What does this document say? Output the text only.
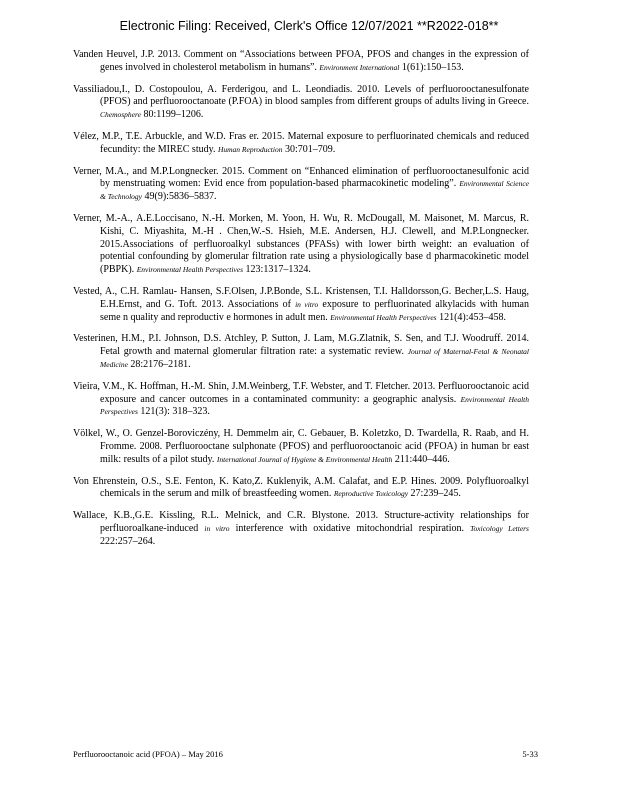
Electronic Filing: Received, Clerk's Office 12/07/2021 **R2022-018**

Vanden Heuvel, J.P. 2013. Comment on “Associations between PFOA, PFOS and changes in the expression of genes involved in cholesterol metabolism in humans”. Environment International 1(61):150–153.

Vassiliadou,I., D. Costopoulou, A. Ferderigou, and L. Leondiadis. 2010. Levels of perfluorooctanesulfonate (PFOS) and perfluorooctanoate (P.FOA) in blood samples from different groups of adults living in Greece. Chemosphere 80:1199–1206.

Vélez, M.P., T.E. Arbuckle, and W.D. Fras er. 2015. Maternal exposure to perfluorinated chemicals and reduced fecundity: the MIREC study. Human Reproduction 30:701–709.

Verner, M.A., and M.P.Longnecker. 2015. Comment on “Enhanced elimination of perfluorooctanesulfonic acid by menstruating women: Evid ence from population-based pharmacokinetic modeling”. Environmental Science & Technology 49(9):5836–5837.

Verner, M.-A., A.E.Loccisano, N.-H. Morken, M. Yoon, H. Wu, R. McDougall, M. Maisonet, M. Marcus, R. Kishi, C. Miyashita, M.-H . Chen,W.-S. Hsieh, M.E. Andersen, H.J. Clewell, and M.P.Longnecker. 2015.Associations of perfluoroalkyl substances (PFASs) with lower birth weight: an evaluation of potential confounding by glomerular filtration rate using a physiologically base d pharmacokinetic model (PBPK). Environmental Health Perspectives 123:1317–1324.

Vested, A., C.H. Ramlau- Hansen, S.F.Olsen, J.P.Bonde, S.L. Kristensen, T.I. Halldorsson,G. Becher,L.S. Haug, E.H.Ernst, and G. Toft. 2013. Associations of in vitro exposure to perfluorinated alkylacids with human seme n quality and reproductiv e hormones in adult men. Environmental Health Perspectives 121(4):453–458.

Vesterinen, H.M., P.I. Johnson, D.S. Atchley, P. Sutton, J. Lam, M.G.Zlatnik, S. Sen, and T.J. Woodruff. 2014. Fetal growth and maternal glomerular filtration rate: a systematic review. Journal of Maternal-Fetal & Neonatal Medicine 28:2176–2181.

Vieira, V.M., K. Hoffman, H.-M. Shin, J.M.Weinberg, T.F. Webster, and T. Fletcher. 2013. Perfluorooctanoic acid exposure and cancer outcomes in a contaminated community: a geographic analysis. Environmental Health Perspectives 121(3): 318–323.

Völkel, W., O. Genzel-Boroviczény, H. Demmelm air, C. Gebauer, B. Koletzko, D. Twardella, R. Raab, and H. Fromme. 2008. Perfluorooctane sulphonate (PFOS) and perfluorooctanoic acid (PFOA) in human br east milk: results of a pilot study. International Journal of Hygiene & Environmental Health 211:440–446.

Von Ehrenstein, O.S., S.E. Fenton, K. Kato,Z. Kuklenyik, A.M. Calafat, and E.P. Hines. 2009. Polyfluoroalkyl chemicals in the serum and milk of breastfeeding women. Reproductive Toxicology 27:239–245.

Wallace, K.B.,G.E. Kissling, R.L. Melnick, and C.R. Blystone. 2013. Structure-activity relationships for perfluoroalkane-induced in vitro interference with oxidative mitochondrial respiration. Toxicology Letters 222:257–264.

Perfluorooctanoic acid (PFOA) – May 2016	5-33
